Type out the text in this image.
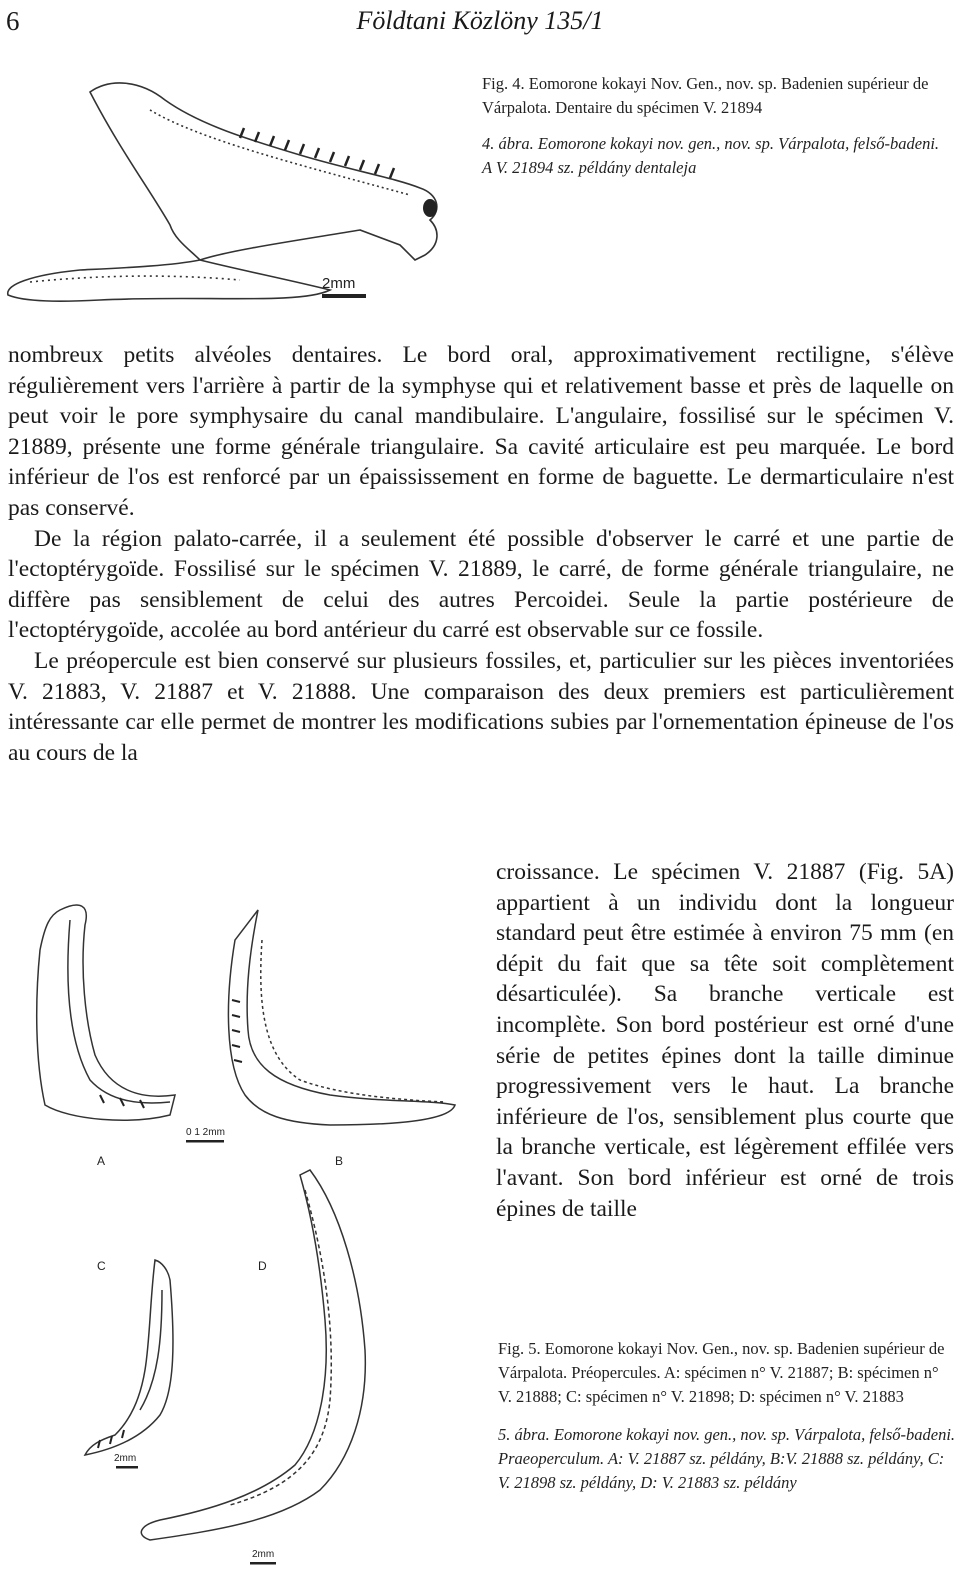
6	Földtani Közlöny 135/1
2mm
Fig. 4. Eomorone kokayi Nov. Gen., nov. sp. Badenien supérieur de Várpalota. Dentaire du spécimen V. 21894
4. ábra. Eomorone kokayi nov. gen., nov. sp. Várpalota, felső-badeni. A V. 21894 sz. példány dentaleja

nombreux petits alvéoles dentaires. Le bord oral, approximativement rectiligne, s'élève régulièrement vers l'arrière à partir de la symphyse qui et relativement basse et près de laquelle on peut voir le pore symphysaire du canal mandibulaire. L'angulaire, fossilisé sur le spécimen V. 21889, présente une forme générale triangulaire. Sa cavité articulaire est peu marquée. Le bord inférieur de l'os est renforcé par un épaississement en forme de baguette. Le dermarticulaire n'est pas conservé.

De la région palato-carrée, il a seulement été possible d'observer le carré et une partie de l'ectoptérygoïde. Fossilisé sur le spécimen V. 21889, le carré, de forme générale triangulaire, ne diffère pas sensiblement de celui des autres Percoidei. Seule la partie postérieure de l'ectoptérygoïde, accolée au bord antérieur du carré est observable sur ce fossile.

Le préopercule est bien conservé sur plusieurs fossiles, et, particulier sur les pièces inventoriées V. 21883, V. 21887 et V. 21888. Une comparaison des deux premiers est particulièrement intéressante car elle permet de montrer les modifications subies par l'ornementation épineuse de l'os au cours de la

croissance. Le spécimen V. 21887 (Fig. 5A) appartient à un individu dont la longueur standard peut être estimée à environ 75 mm (en dépit du fait que sa tête soit complètement désarticulée). Sa branche verticale est incomplète. Son bord postérieur est orné d'une série de petites épines dont la taille diminue progressivement vers le haut. La branche inférieure de l'os, sensiblement plus courte que la branche verticale, est légèrement effilée vers l'avant. Son bord inférieur est orné de trois épines de taille
A	B
C	D
0 1 2mm
2mm
2mm
Fig. 5. Eomorone kokayi Nov. Gen., nov. sp. Badenien supérieur de Várpalota. Préopercules. A: spécimen n° V. 21887; B: spécimen n° V. 21888; C: spécimen n° V. 21898; D: spécimen n° V. 21883
5. ábra. Eomorone kokayi nov. gen., nov. sp. Várpalota, felső-badeni. Praeoperculum. A: V. 21887 sz. példány, B:V. 21888 sz. példány, C: V. 21898 sz. példány, D: V. 21883 sz. példány
